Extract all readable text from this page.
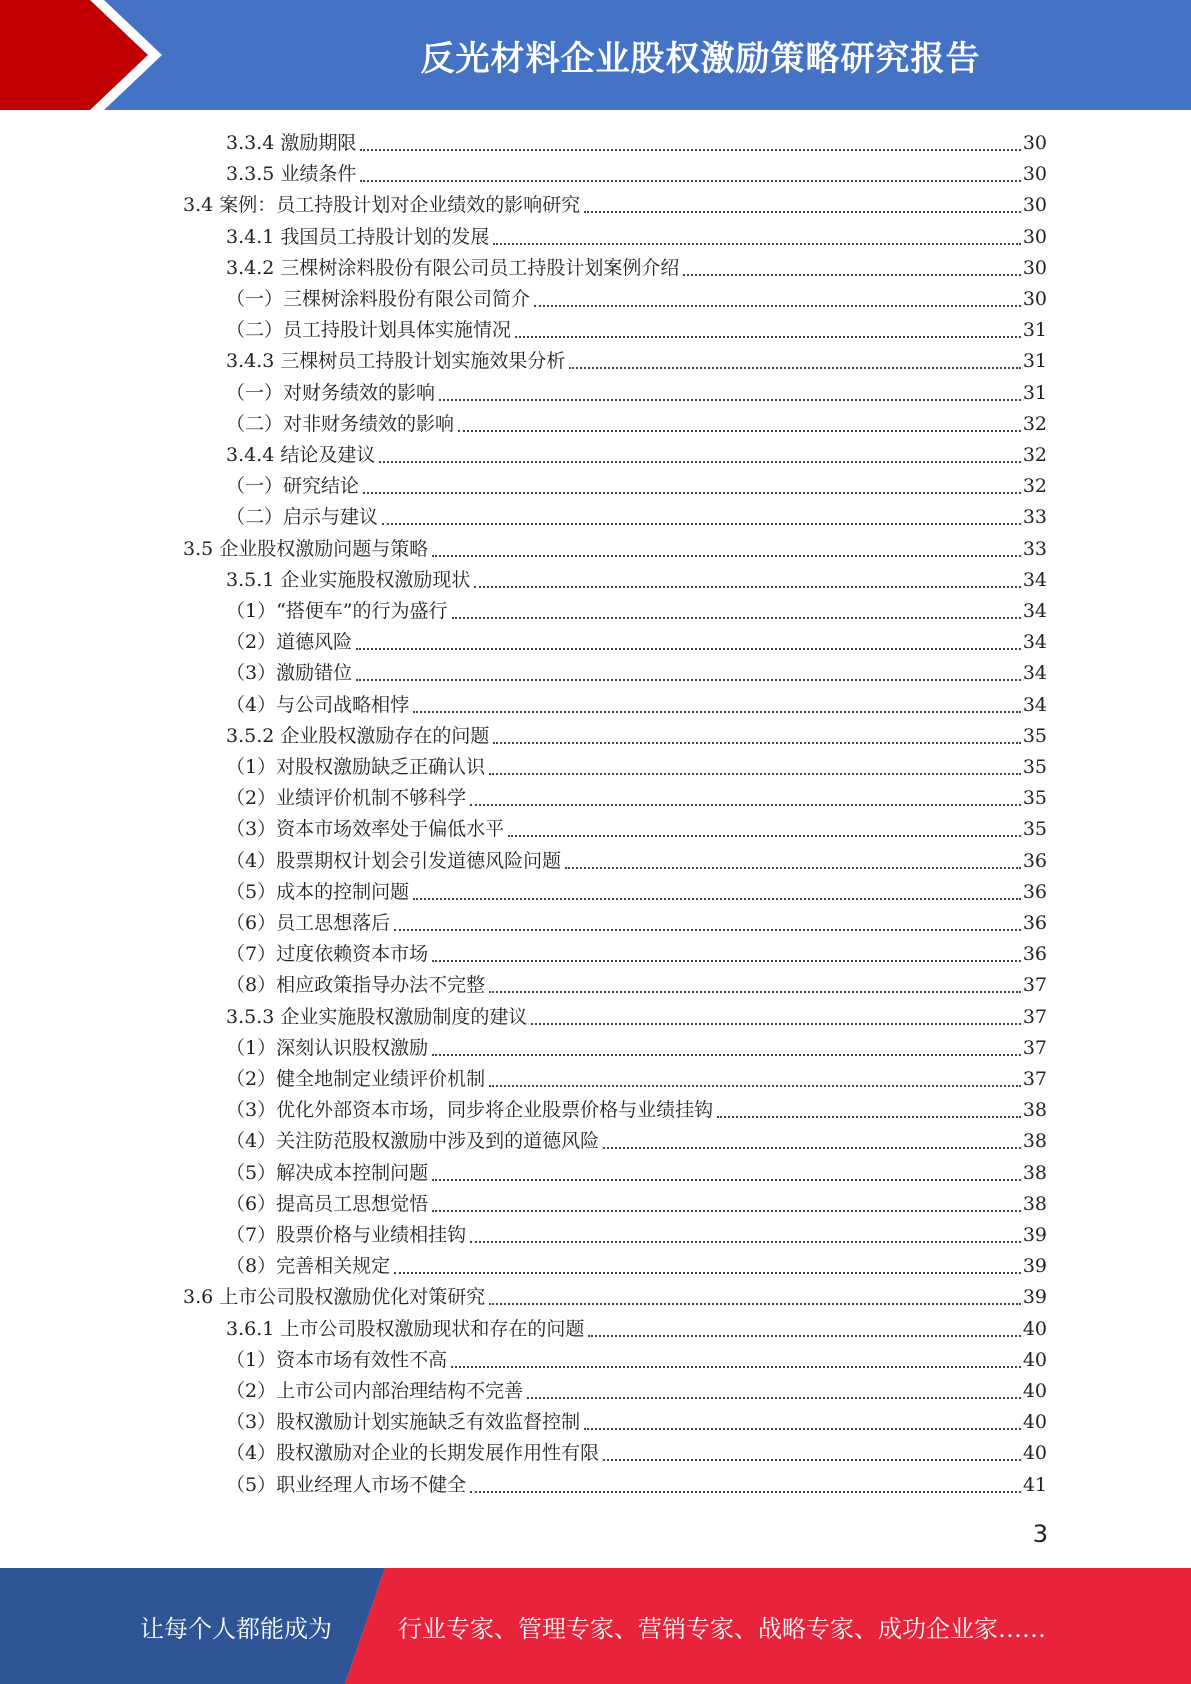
反光材料企业股权激励策略研究报告
3.3.4 激励期限	30
3.3.5 业绩条件	30
3.4 案例：员工持股计划对企业绩效的影响研究	30
3.4.1 我国员工持股计划的发展	30
3.4.2 三棵树涂料股份有限公司员工持股计划案例介绍	30
（一）三棵树涂料股份有限公司简介	30
（二）员工持股计划具体实施情况	31
3.4.3 三棵树员工持股计划实施效果分析	31
（一）对财务绩效的影响	31
（二）对非财务绩效的影响	32
3.4.4 结论及建议	32
（一）研究结论	32
（二）启示与建议	33
3.5 企业股权激励问题与策略	33
3.5.1 企业实施股权激励现状	34
（1）“搭便车”的行为盛行	34
（2）道德风险	34
（3）激励错位	34
（4）与公司战略相悖	34
3.5.2 企业股权激励存在的问题	35
（1）对股权激励缺乏正确认识	35
（2）业绩评价机制不够科学	35
（3）资本市场效率处于偏低水平	35
（4）股票期权计划会引发道德风险问题	36
（5）成本的控制问题	36
（6）员工思想落后	36
（7）过度依赖资本市场	36
（8）相应政策指导办法不完整	37
3.5.3 企业实施股权激励制度的建议	37
（1）深刻认识股权激励	37
（2）健全地制定业绩评价机制	37
（3）优化外部资本市场，同步将企业股票价格与业绩挂钩	38
（4）关注防范股权激励中涉及到的道德风险	38
（5）解决成本控制问题	38
（6）提高员工思想觉悟	38
（7）股票价格与业绩相挂钩	39
（8）完善相关规定	39
3.6 上市公司股权激励优化对策研究	39
3.6.1 上市公司股权激励现状和存在的问题	40
（1）资本市场有效性不高	40
（2）上市公司内部治理结构不完善	40
（3）股权激励计划实施缺乏有效监督控制	40
（4）股权激励对企业的长期发展作用性有限	40
（5）职业经理人市场不健全	41
3
让每个人都能成为	行业专家、管理专家、营销专家、战略专家、成功企业家……
